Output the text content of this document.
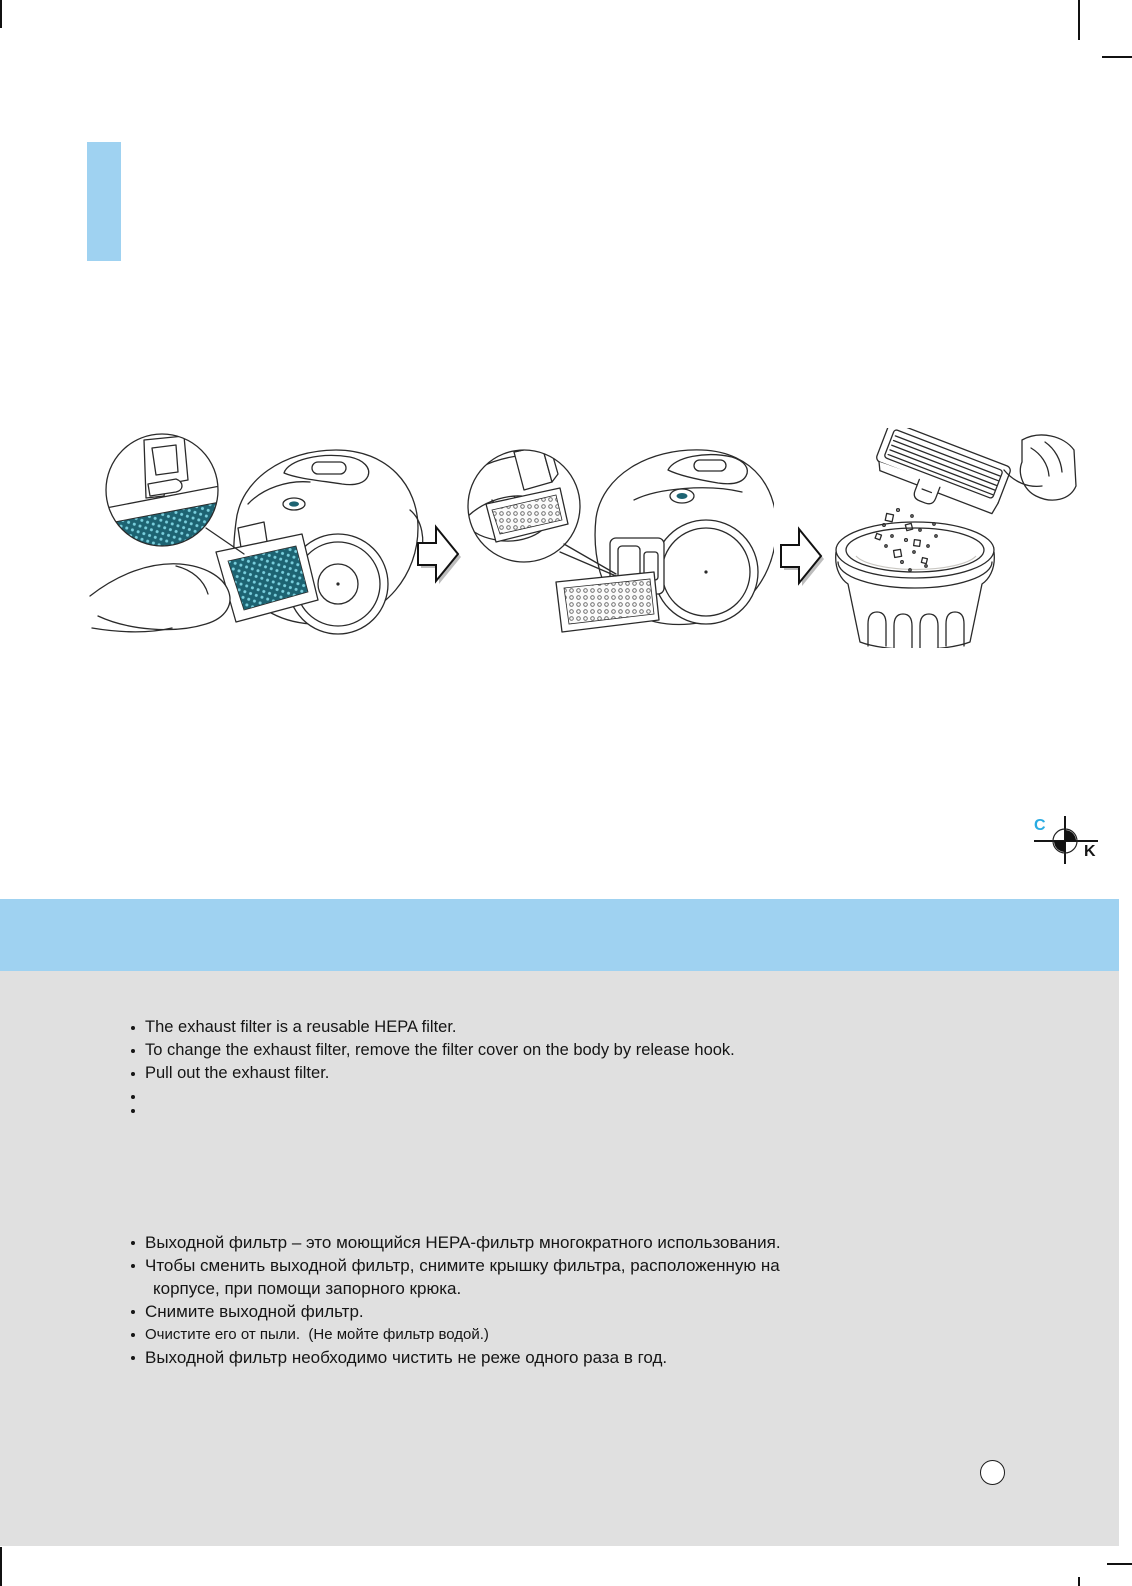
C
K
The exhaust filter is a reusable HEPA filter.
To change the exhaust filter, remove the filter cover on the body by release hook.
Pull out the exhaust filter.
Выходной фильтр – это моющийся HEPA-фильтр многократного использования.
Чтобы сменить выходной фильтр, снимите крышку фильтра, расположенную на
корпусе, при помощи запорного крюка.
Снимите выходной фильтр.
Очистите его от пыли.  (Не мойте фильтр водой.)
Выходной фильтр необходимо чистить не реже одного раза в год.
